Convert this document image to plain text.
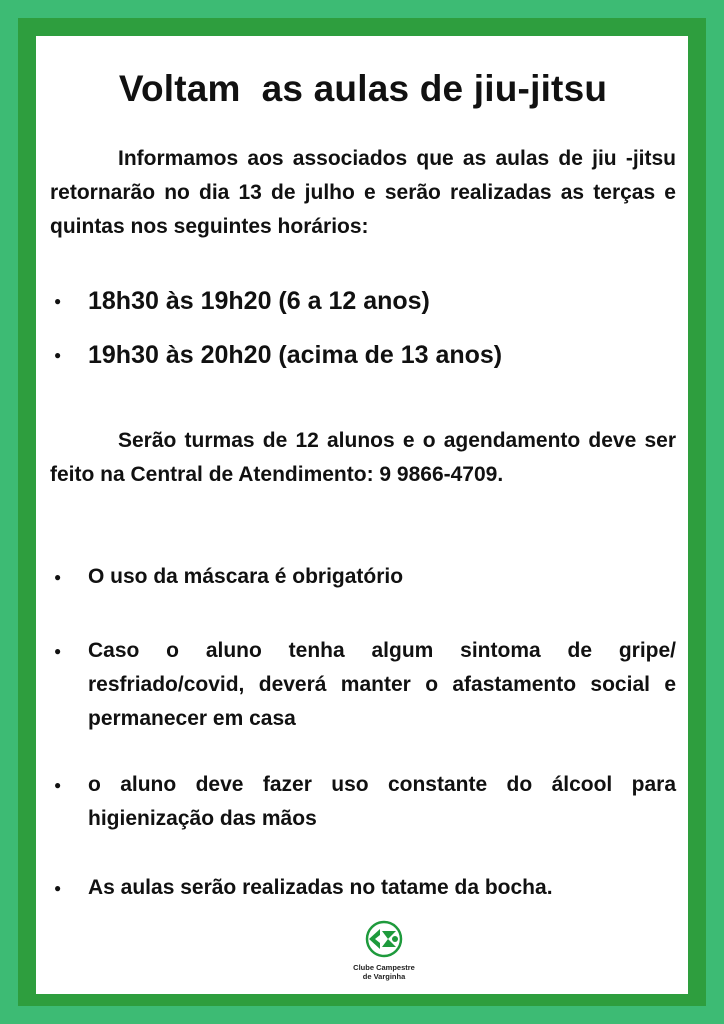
Voltam  as aulas de jiu-jitsu

Informamos aos associados que as aulas de jiu -jitsu retornarão no dia 13 de julho e serão realizadas as terças e quintas nos seguintes horários:

● 18h30 às 19h20 (6 a 12 anos)
● 19h30 às 20h20 (acima de 13 anos)

Serão turmas de 12 alunos e o agendamento deve ser feito na Central de Atendimento: 9 9866-4709.

● O uso da máscara é obrigatório
● Caso o aluno tenha algum sintoma de gripe/ resfriado/covid, deverá manter o afastamento social e permanecer em casa
● o aluno deve fazer uso constante do álcool para higienização das mãos
● As aulas serão realizadas no tatame da bocha.
Clube Campestre
de Varginha
